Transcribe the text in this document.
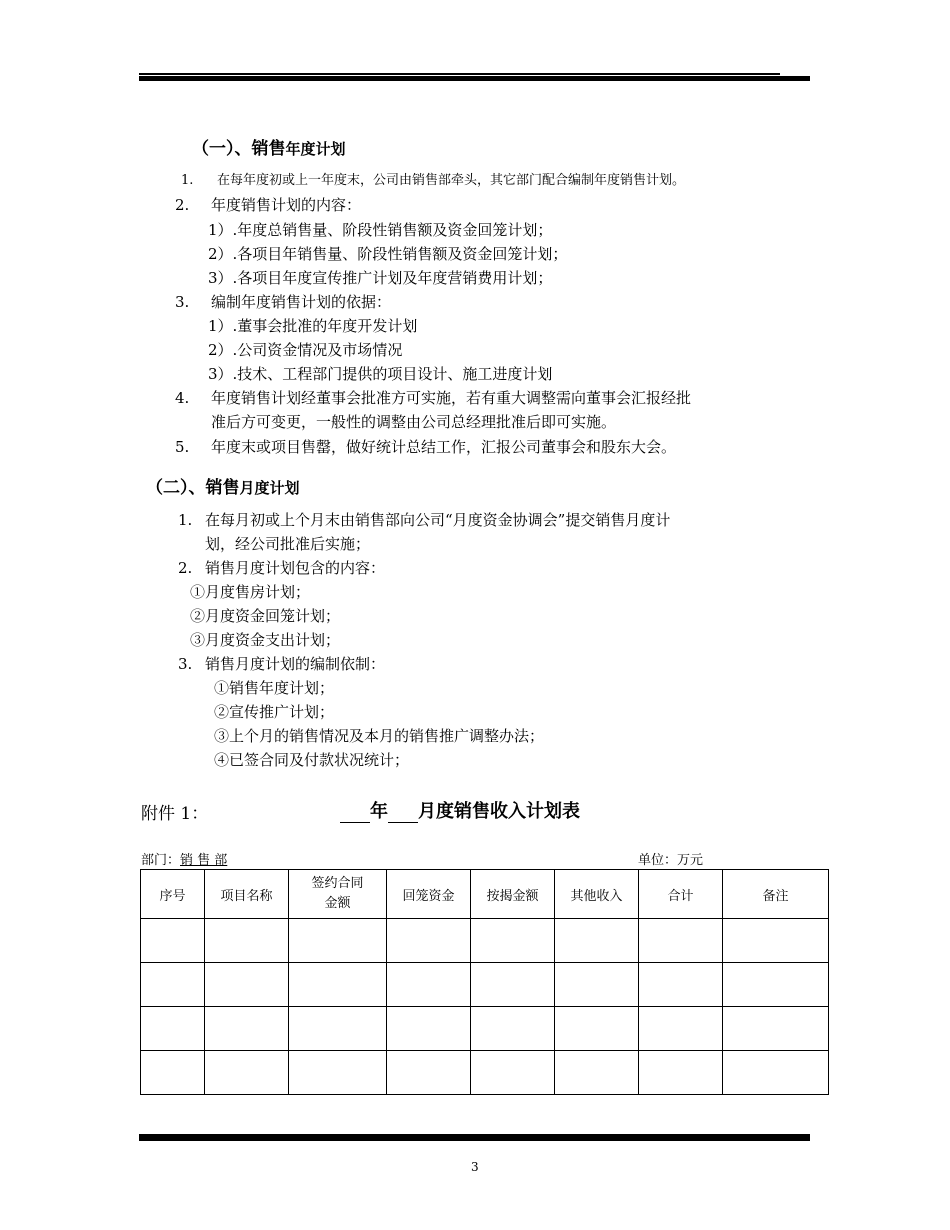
（一）、销售年度计划
1. 在每年度初或上一年度末，公司由销售部牵头，其它部门配合编制年度销售计划。
2. 年度销售计划的内容：
1）.年度总销售量、阶段性销售额及资金回笼计划；
2）.各项目年销售量、阶段性销售额及资金回笼计划；
3）.各项目年度宣传推广计划及年度营销费用计划；
3. 编制年度销售计划的依据：
1）.董事会批准的年度开发计划
2）.公司资金情况及市场情况
3）.技术、工程部门提供的项目设计、施工进度计划
4. 年度销售计划经董事会批准方可实施，若有重大调整需向董事会汇报经批
准后方可变更，一般性的调整由公司总经理批准后即可实施。
5. 年度末或项目售罄，做好统计总结工作，汇报公司董事会和股东大会。
（二）、销售月度计划
1. 在每月初或上个月末由销售部向公司“月度资金协调会”提交销售月度计
划，经公司批准后实施；
2. 销售月度计划包含的内容：
①月度售房计划；
②月度资金回笼计划；
③月度资金支出计划；
3. 销售月度计划的编制依制：
①销售年度计划；
②宣传推广计划；
③上个月的销售情况及本月的销售推广调整办法；
④已签合同及付款状况统计；
附件 1：	年 月度销售收入计划表
部门：销 售 部	单位：万元
序号	项目名称	签约合同
金额	回笼资金	按揭金额	其他收入	合计	备注

3
